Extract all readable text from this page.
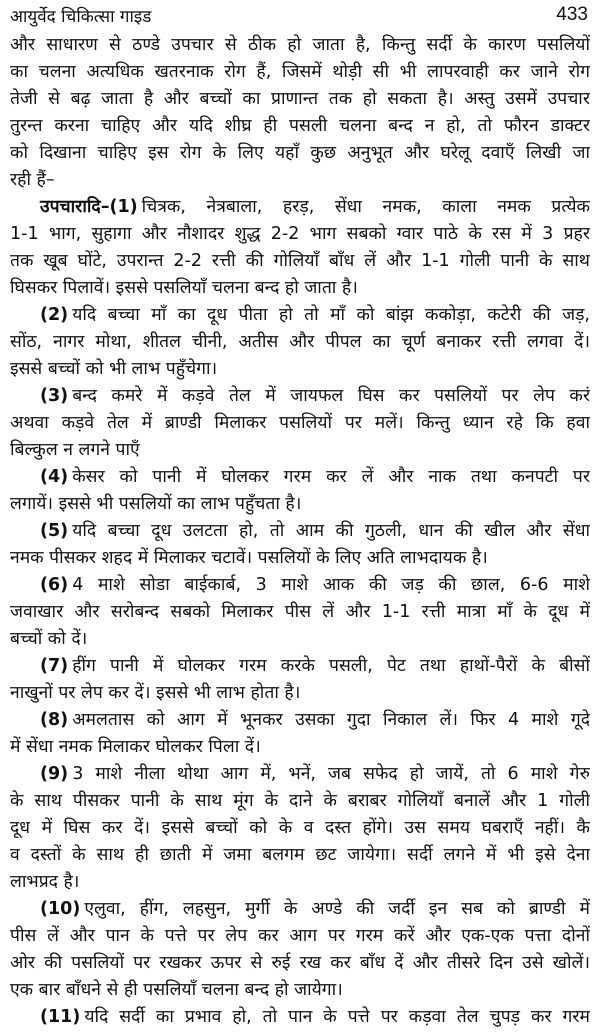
आयुर्वेद चिकित्सा गाइड	433
और साधारण से ठण्डे उपचार से ठीक हो जाता है, किन्तु सर्दी के कारण पसलियों
का चलना अत्यधिक खतरनाक रोग हैं, जिसमें थोड़ी सी भी लापरवाही कर जाने रोग
तेजी से बढ़ जाता है और बच्चों का प्राणान्त तक हो सकता है। अस्तु उसमें उपचार
तुरन्त करना चाहिए और यदि शीघ्र ही पसली चलना बन्द न हो, तो फौरन डाक्टर
को दिखाना चाहिए इस रोग के लिए यहाँ कुछ अनुभूत और घरेलू दवाएँ लिखी जा
रही हैं–
उपचारादि–(1) चित्रक, नेत्रबाला, हरड़, सेंधा नमक, काला नमक प्रत्येक
1-1 भाग, सुहागा और नौशादर शुद्ध 2-2 भाग सबको ग्वार पाठे के रस में 3 प्रहर
तक खूब घोंटे, उपरान्त 2-2 रत्ती की गोलियाँ बाँध लें और 1-1 गोली पानी के साथ
घिसकर पिलावें। इससे पसलियाँ चलना बन्द हो जाता है।
(2) यदि बच्चा माँ का दूध पीता हो तो माँ को बांझ ककोड़ा, कटेरी की जड़,
सोंठ, नागर मोथा, शीतल चीनी, अतीस और पीपल का चूर्ण बनाकर रत्ती लगवा दें।
इससे बच्चों को भी लाभ पहुँचेगा।
(3) बन्द कमरे में कड़वे तेल में जायफल घिस कर पसलियों पर लेप करं
अथवा कड़वे तेल में ब्राण्डी मिलाकर पसलियों पर मलें। किन्तु ध्यान रहे कि हवा
बिल्कुल न लगने पाएँ
(4) केसर को पानी में घोलकर गरम कर लें और नाक तथा कनपटी पर
लगायें। इससे भी पसलियों का लाभ पहुँचता है।
(5) यदि बच्चा दूध उलटता हो, तो आम की गुठली, धान की खील और सेंधा
नमक पीसकर शहद में मिलाकर चटावें। पसलियों के लिए अति लाभदायक है।
(6) 4 माशे सोडा बाईकार्ब, 3 माशे आक की जड़ की छाल, 6-6 माशे
जवाखार और सरोबन्द सबको मिलाकर पीस लें और 1-1 रत्ती मात्रा माँ के दूध में
बच्चों को दें।
(7) हींग पानी में घोलकर गरम करके पसली, पेट तथा हाथों-पैरों के बीसों
नाखुनों पर लेप कर दें। इससे भी लाभ होता है।
(8) अमलतास को आग में भूनकर उसका गुदा निकाल लें। फिर 4 माशे गूदे
में सेंधा नमक मिलाकर घोलकर पिला दें।
(9) 3 माशे नीला थोथा आग में, भनें, जब सफेद हो जायें, तो 6 माशे गेरु
के साथ पीसकर पानी के साथ मूंग के दाने के बराबर गोलियाँ बनालें और 1 गोली
दूध में घिस कर दें। इससे बच्चों को के व दस्त होंगे। उस समय घबराएँ नहीं। कै
व दस्तों के साथ ही छाती में जमा बलगम छट जायेगा। सर्दी लगने में भी इसे देना
लाभप्रद है।
(10) एलुवा, हींग, लहसुन, मुर्गी के अण्डे की जर्दी इन सब को ब्राण्डी में
पीस लें और पान के पत्ते पर लेप कर आग पर गरम करें और एक-एक पत्ता दोनों
ओर की पसलियों पर रखकर ऊपर से रुई रख कर बाँध दें और तीसरे दिन उसे खोलें।
एक बार बाँधने से ही पसलियाँ चलना बन्द हो जायेगा।
(11) यदि सर्दी का प्रभाव हो, तो पान के पत्ते पर कड़वा तेल चुपड़ कर गरम
